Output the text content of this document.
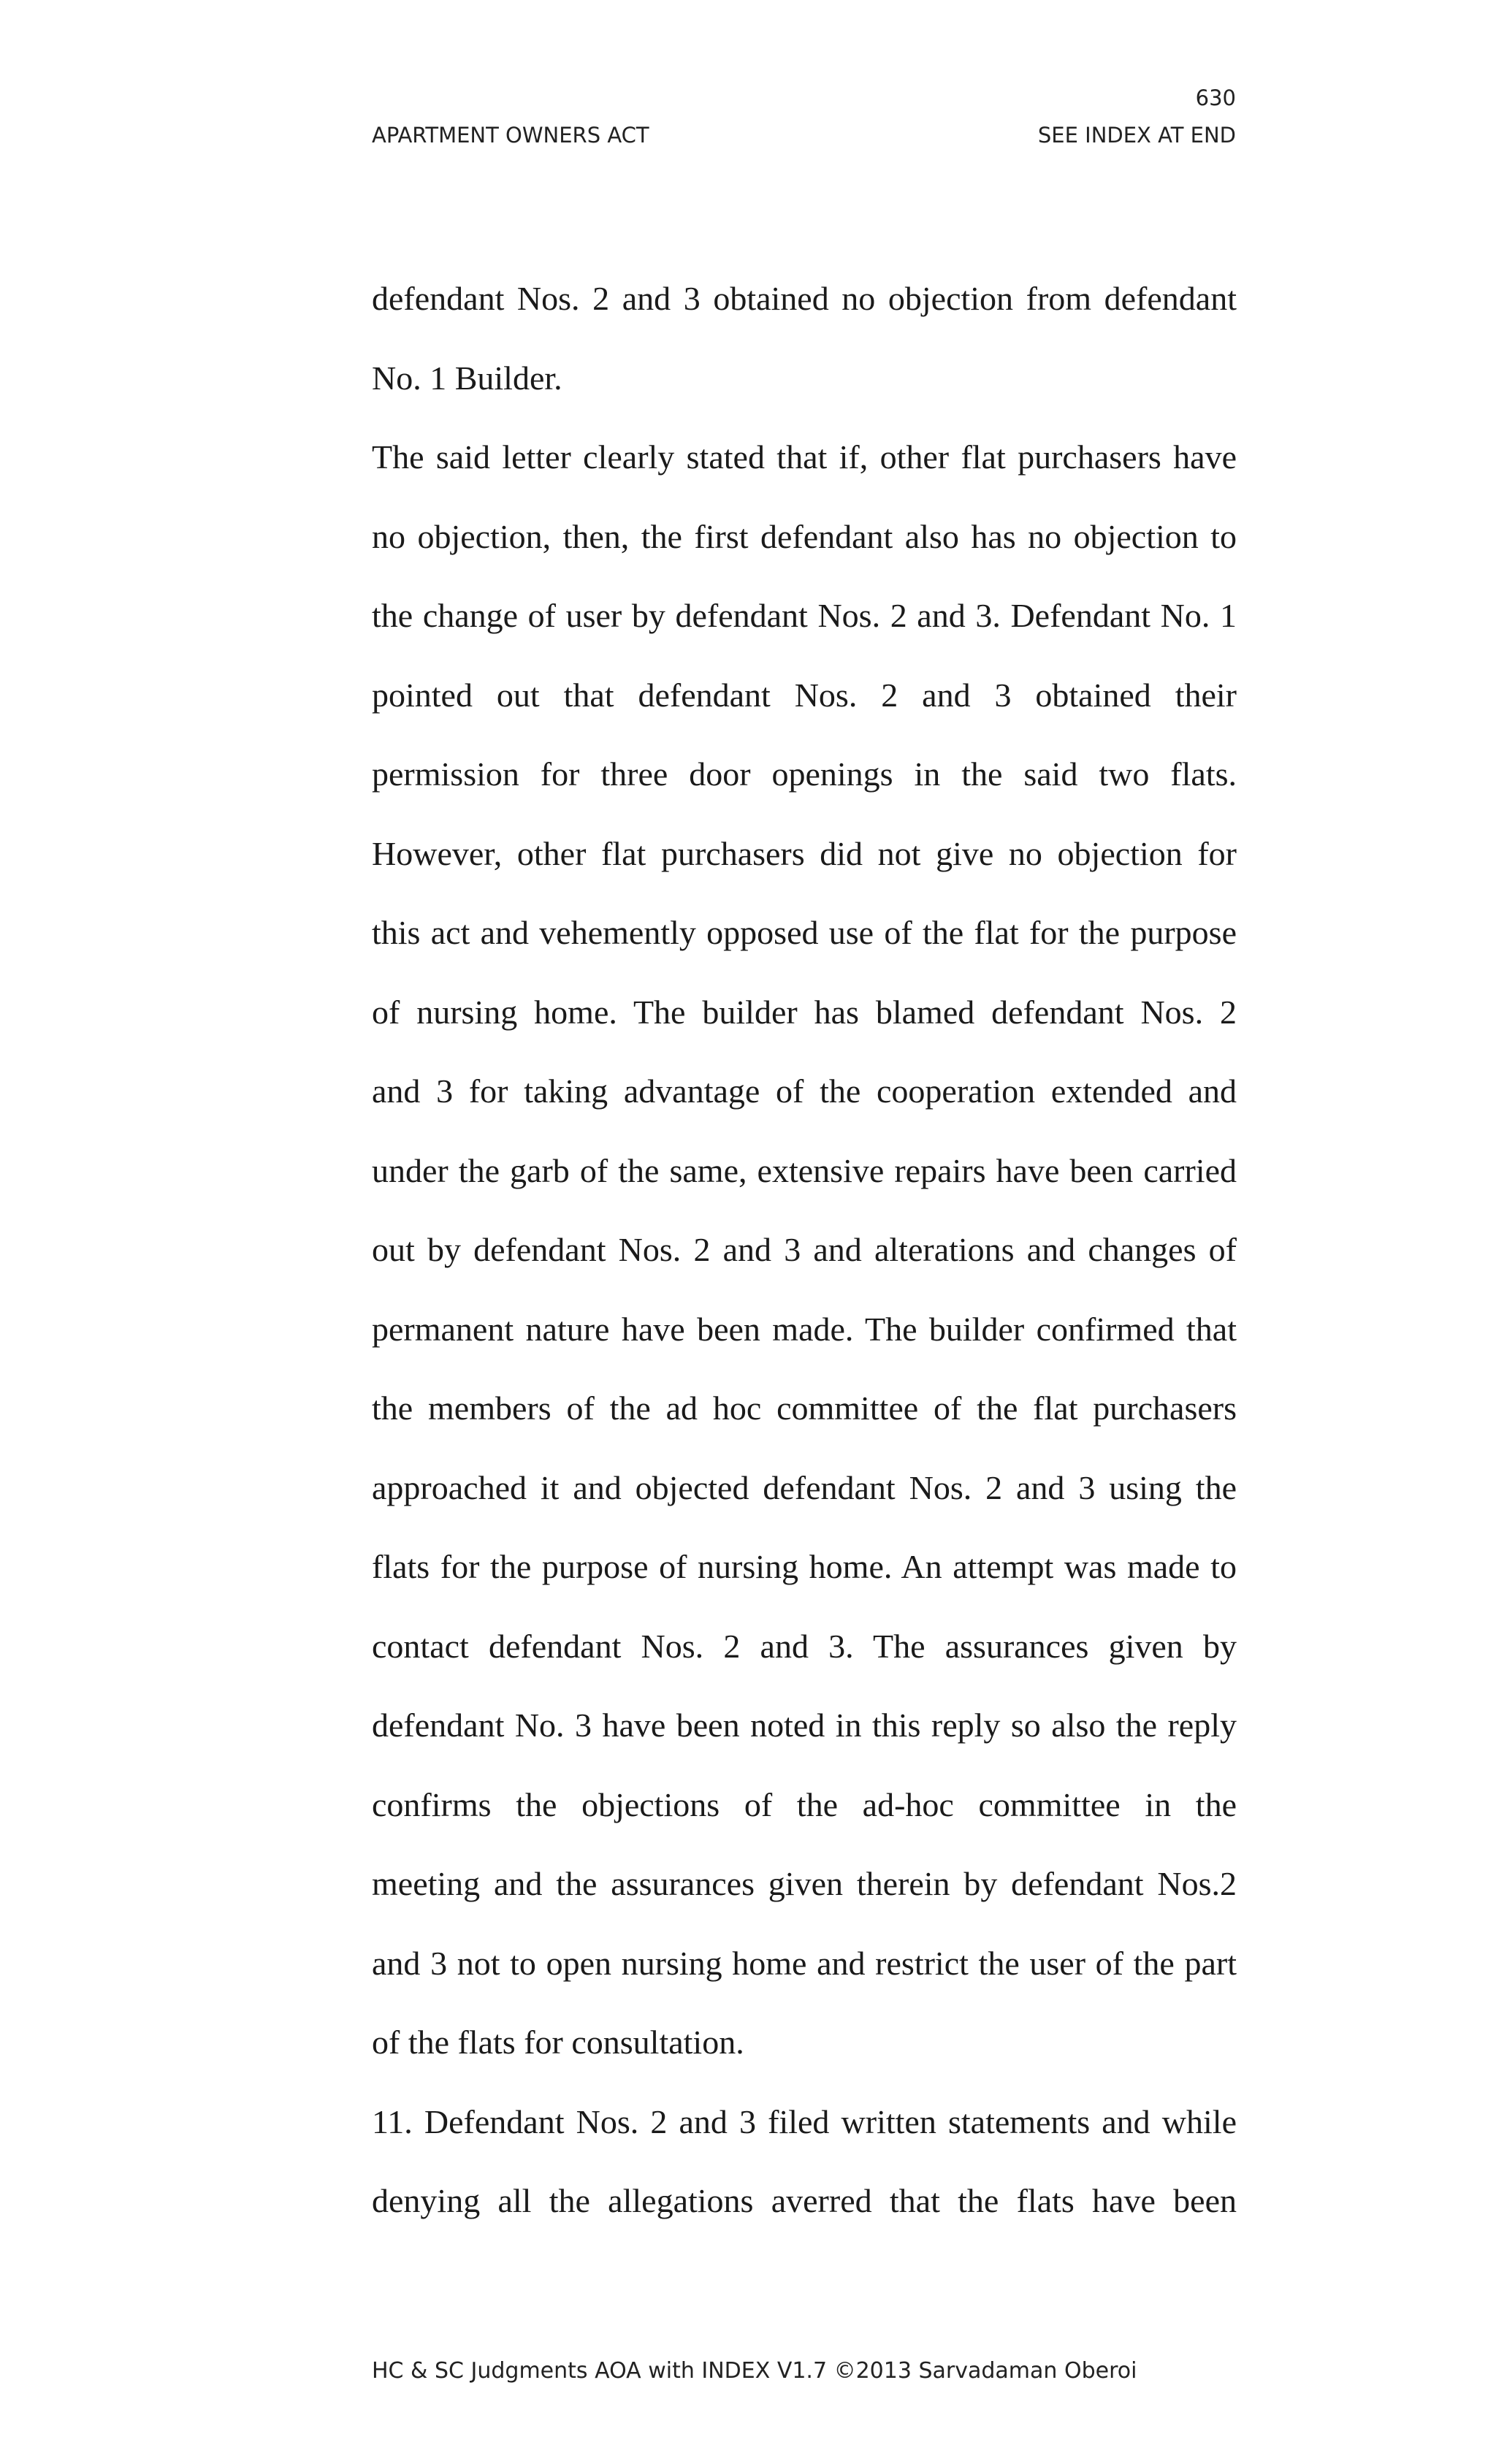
630
APARTMENT OWNERS ACT	SEE INDEX AT END

defendant Nos. 2 and 3 obtained no objection from defendant

No. 1 Builder.

The said letter clearly stated that if, other flat purchasers have

no objection, then, the first defendant also has no objection to

the change of user by defendant Nos. 2 and 3. Defendant No. 1

pointed out that defendant Nos. 2 and 3 obtained their

permission for three door openings in the said two flats.

However, other flat purchasers did not give no objection for

this act and vehemently opposed use of the flat for the purpose

of nursing home. The builder has blamed defendant Nos. 2

and 3 for taking advantage of the cooperation extended and

under the garb of the same, extensive repairs have been carried

out by defendant Nos. 2 and 3 and alterations and changes of

permanent nature have been made. The builder confirmed that

the members of the ad hoc committee of the flat purchasers

approached it and objected defendant Nos. 2 and 3 using the

flats for the purpose of nursing home. An attempt was made to

contact defendant Nos. 2 and 3. The assurances given by

defendant No. 3 have been noted in this reply so also the reply

confirms the objections of the ad-hoc committee in the

meeting and the assurances given therein by defendant Nos.2

and 3 not to open nursing home and restrict the user of the part

of the flats for consultation.

11. Defendant Nos. 2 and 3 filed written statements and while

denying all the allegations averred that the flats have been

HC & SC Judgments AOA with INDEX V1.7 ©2013 Sarvadaman Oberoi
